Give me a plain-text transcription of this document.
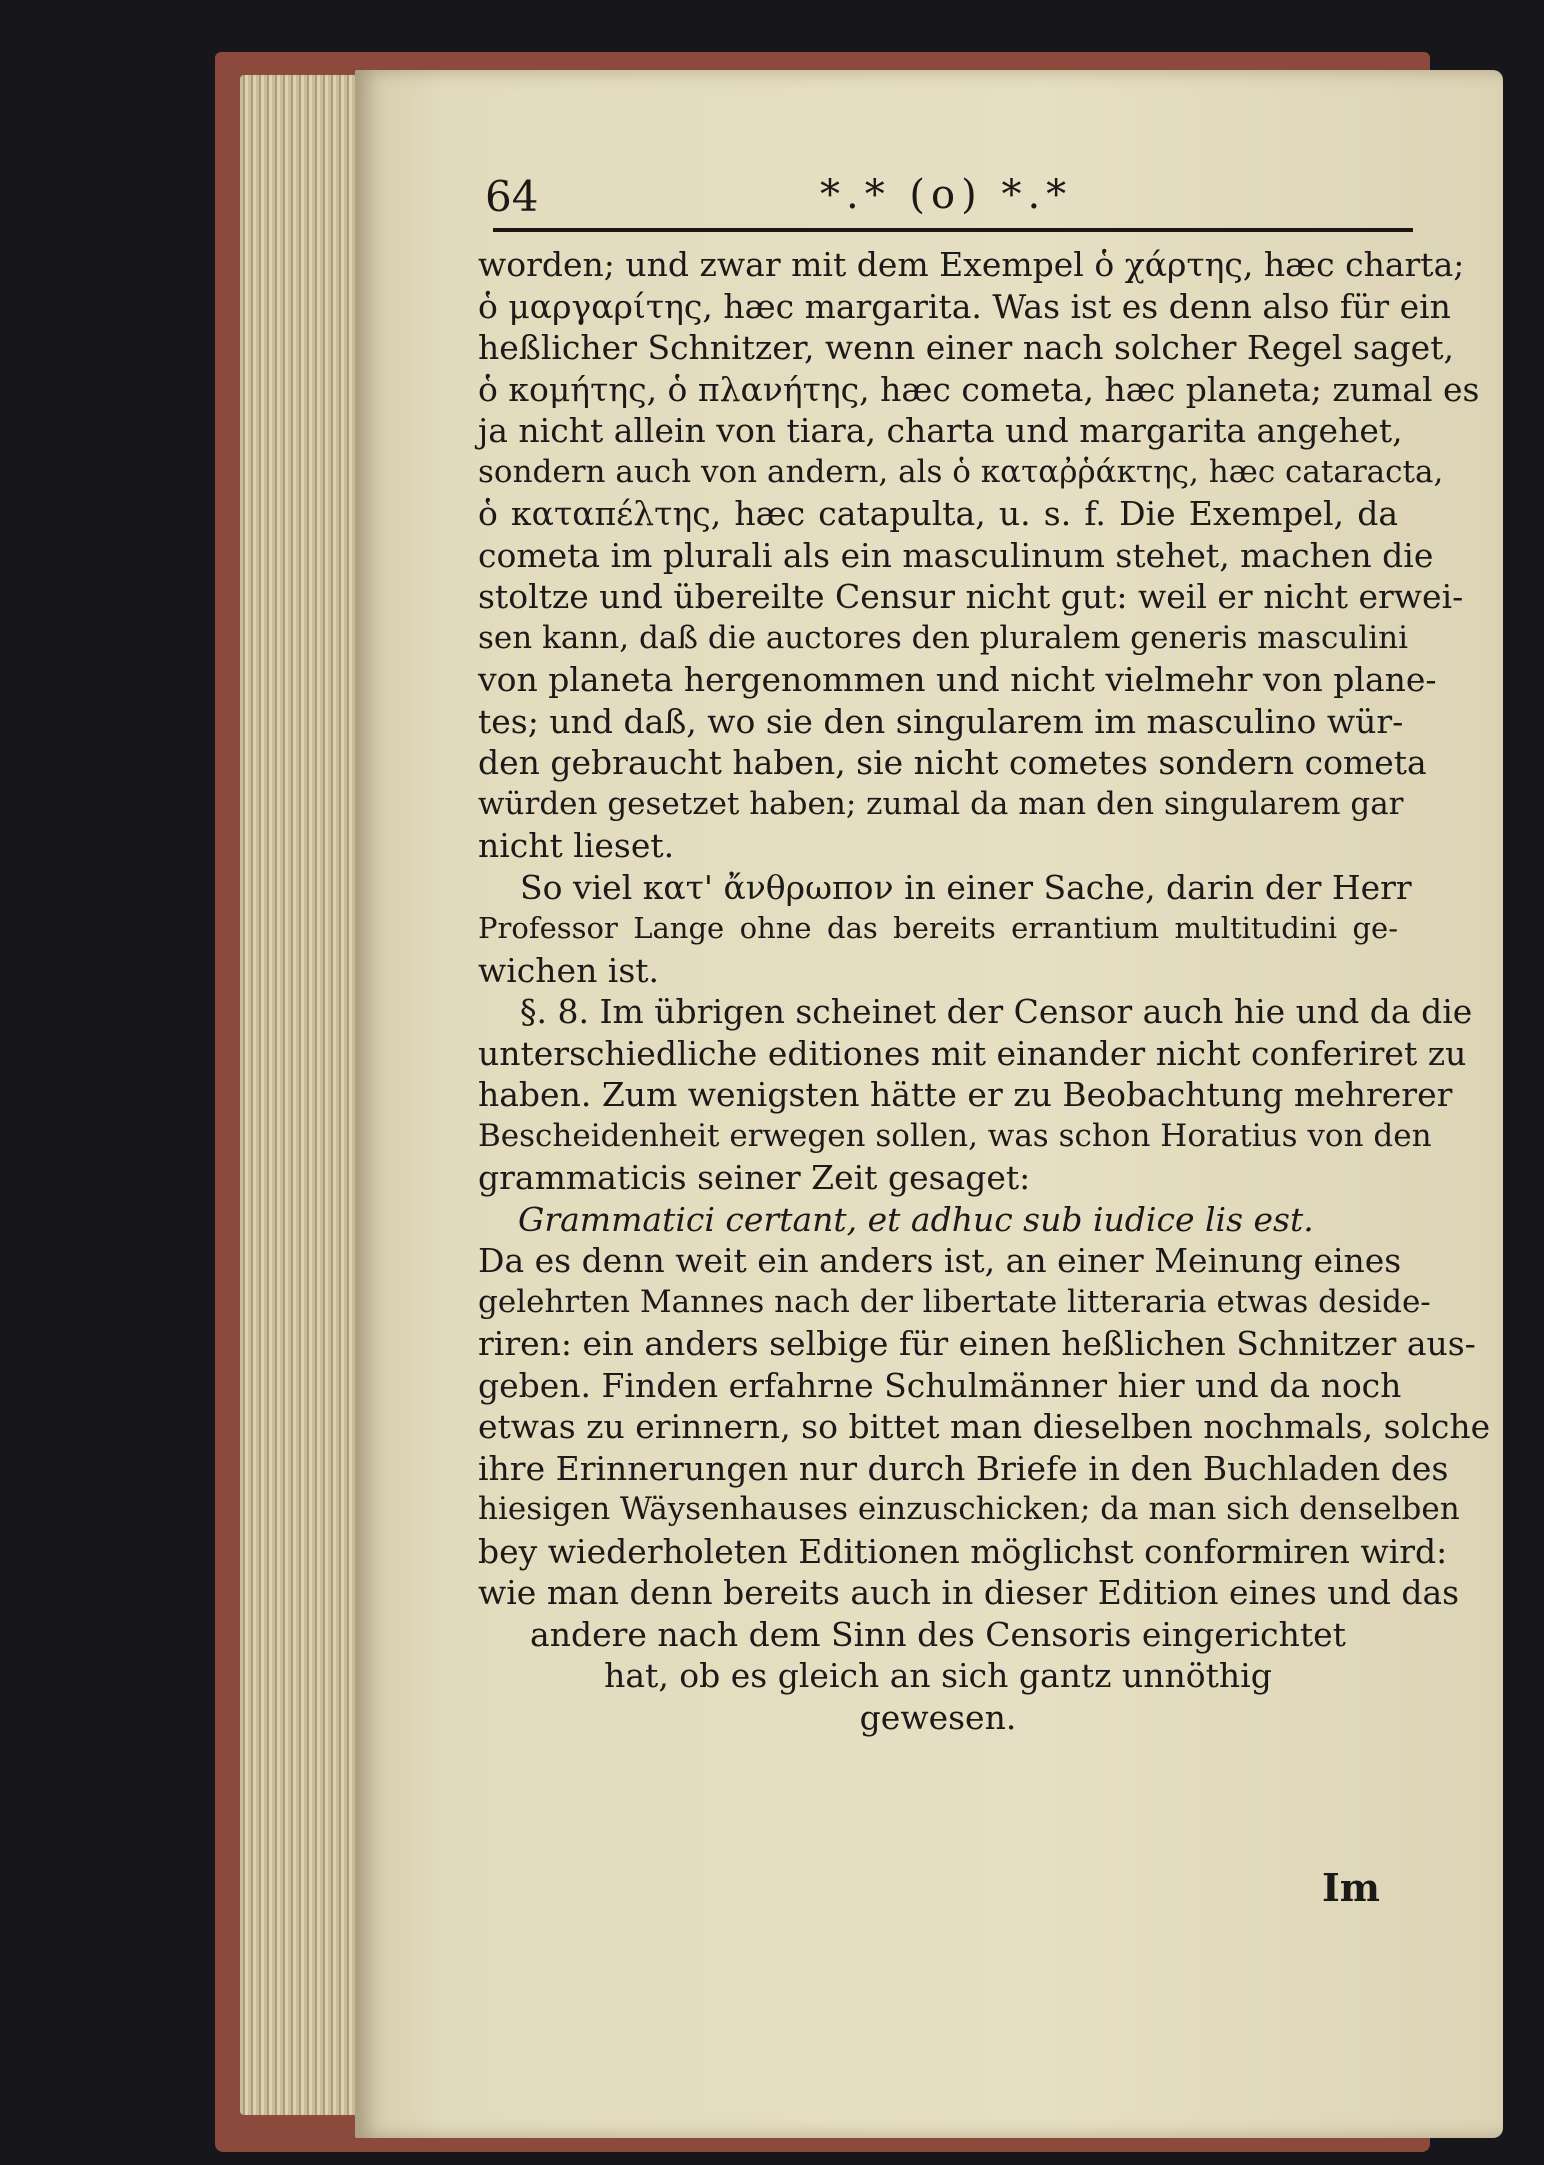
64	*.* (o) *.*
worden; und zwar mit dem Exempel ὁ χάρτης, hæc charta;
ὁ μαργαρίτης, hæc margarita. Was ist es denn also für ein
heßlicher Schnitzer, wenn einer nach solcher Regel saget,
ὁ κομήτης, ὁ πλανήτης, hæc cometa, hæc planeta; zumal es
ja nicht allein von tiara, charta und margarita angehet,
sondern auch von andern, als ὁ καταῤῥάκτης, hæc cataracta,
ὁ καταπέλτης, hæc catapulta, u. s. f. Die Exempel, da
cometa im plurali als ein masculinum stehet, machen die
stoltze und übereilte Censur nicht gut: weil er nicht erwei-
sen kann, daß die auctores den pluralem generis masculini
von planeta hergenommen und nicht vielmehr von plane-
tes; und daß, wo sie den singularem im masculino wür-
den gebraucht haben, sie nicht cometes sondern cometa
würden gesetzet haben; zumal da man den singularem gar
nicht lieset.
So viel κατ' ἄνθρωπον in einer Sache, darin der Herr
Professor Lange ohne das bereits errantium multitudini ge-
wichen ist.
§. 8. Im übrigen scheinet der Censor auch hie und da die
unterschiedliche editiones mit einander nicht conferiret zu
haben. Zum wenigsten hätte er zu Beobachtung mehrerer
Bescheidenheit erwegen sollen, was schon Horatius von den
grammaticis seiner Zeit gesaget:
Grammatici certant, et adhuc sub iudice lis est.
Da es denn weit ein anders ist, an einer Meinung eines
gelehrten Mannes nach der libertate litteraria etwas deside-
riren: ein anders selbige für einen heßlichen Schnitzer aus-
geben. Finden erfahrne Schulmänner hier und da noch
etwas zu erinnern, so bittet man dieselben nochmals, solche
ihre Erinnerungen nur durch Briefe in den Buchladen des
hiesigen Wäysenhauses einzuschicken; da man sich denselben
bey wiederholeten Editionen möglichst conformiren wird:
wie man denn bereits auch in dieser Edition eines und das
andere nach dem Sinn des Censoris eingerichtet
hat, ob es gleich an sich gantz unnöthig
gewesen.
Im
